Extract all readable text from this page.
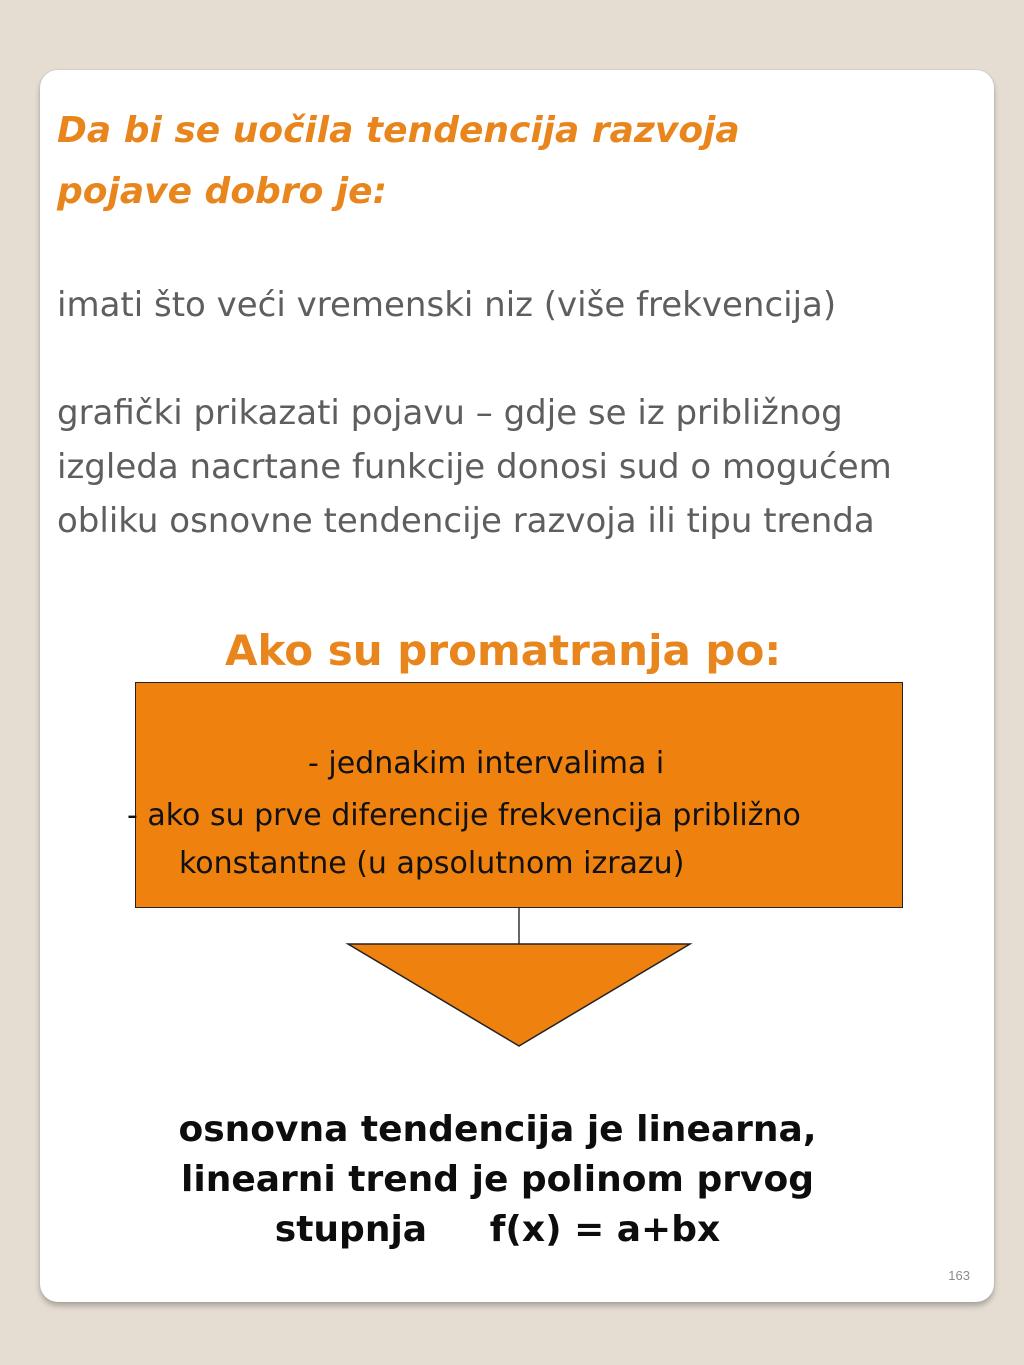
Da bi se uočila tendencija razvoja
pojave dobro je:

imati što veći vremenski niz (više frekvencija)

grafički prikazati pojavu – gdje se iz približnog
izgleda nacrtane funkcije donosi sud o mogućem
obliku osnovne tendencije razvoja ili tipu trenda

Ako su promatranja po:
- jednakim intervalima i
- ako su prve diferencije frekvencija približno
konstantne (u apsolutnom izrazu)
osnovna tendencija je linearna,
linearni trend je polinom prvog
stupnja     f(x) = a+bx
163
